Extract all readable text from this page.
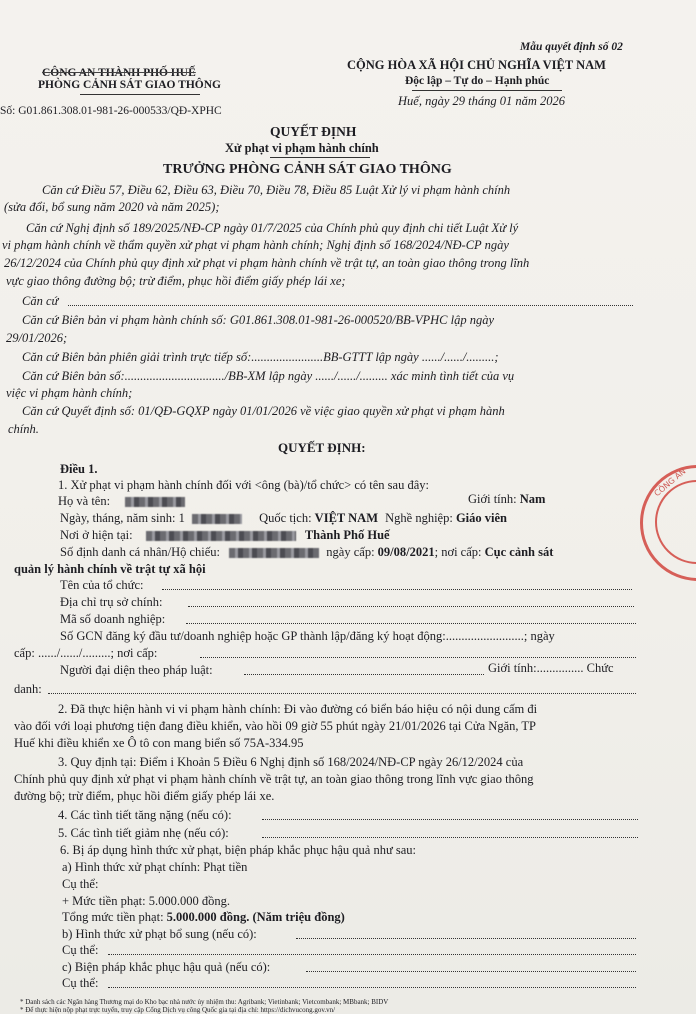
Mẫu quyết định số 02
CÔNG AN THÀNH PHỐ HUẾ
PHÒNG CẢNH SÁT GIAO THÔNG
Số: G01.861.308.01-981-26-000533/QĐ-XPHC
CỘNG HÒA XÃ HỘI CHỦ NGHĨA VIỆT NAM
Độc lập – Tự do – Hạnh phúc
Huế, ngày 29 tháng 01 năm 2026
QUYẾT ĐỊNH
Xử phạt vi phạm hành chính
TRƯỞNG PHÒNG CẢNH SÁT GIAO THÔNG
Căn cứ Điều 57, Điều 62, Điều 63, Điều 70, Điều 78, Điều 85 Luật Xử lý vi phạm hành chính
(sửa đổi, bổ sung năm 2020 và năm 2025);
Căn cứ Nghị định số 189/2025/NĐ-CP ngày 01/7/2025 của Chính phủ quy định chi tiết Luật Xử lý
vi phạm hành chính về thẩm quyền xử phạt vi phạm hành chính; Nghị định số 168/2024/NĐ-CP ngày
26/12/2024 của Chính phủ quy định xử phạt vi phạm hành chính về trật tự, an toàn giao thông trong lĩnh
vực giao thông đường bộ; trừ điểm, phục hồi điểm giấy phép lái xe;
Căn cứ
Căn cứ Biên bản vi phạm hành chính số: G01.861.308.01-981-26-000520/BB-VPHC lập ngày
29/01/2026;
Căn cứ Biên bản phiên giải trình trực tiếp số:.......................BB-GTTT lập ngày ....../....../.........;
Căn cứ Biên bản số:................................/BB-XM lập ngày ....../....../......... xác minh tình tiết của vụ
việc vi phạm hành chính;
Căn cứ Quyết định số: 01/QĐ-GQXP ngày 01/01/2026 về việc giao quyền xử phạt vi phạm hành
chính.
QUYẾT ĐỊNH:
Điều 1.
1. Xử phạt vi phạm hành chính đối với <ông (bà)/tổ chức> có tên sau đây:
Họ và tên:	Giới tính: Nam
Ngày, tháng, năm sinh: 1	Quốc tịch: VIỆT NAM Nghề nghiệp: Giáo viên
Nơi ở hiện tại:	Thành Phố Huế
Số định danh cá nhân/Hộ chiếu:	ngày cấp: 09/08/2021; nơi cấp: Cục cảnh sát
quản lý hành chính về trật tự xã hội
Tên của tổ chức:
Địa chỉ trụ sở chính:
Mã số doanh nghiệp:
Số GCN đăng ký đầu tư/doanh nghiệp hoặc GP thành lập/đăng ký hoạt động:.........................; ngày
cấp: ....../....../.........; nơi cấp:
Người đại diện theo pháp luật:	Giới tính:............... Chức
danh:
2. Đã thực hiện hành vi vi phạm hành chính: Đi vào đường có biển báo hiệu có nội dung cấm đi
vào đối với loại phương tiện đang điều khiển, vào hồi 09 giờ 55 phút ngày 21/01/2026 tại Cửa Ngăn, TP
Huế khi điều khiển xe Ô tô con mang biển số 75A-334.95
3. Quy định tại: Điểm i Khoản 5 Điều 6 Nghị định số 168/2024/NĐ-CP ngày 26/12/2024 của
Chính phủ quy định xử phạt vi phạm hành chính về trật tự, an toàn giao thông trong lĩnh vực giao thông
đường bộ; trừ điểm, phục hồi điểm giấy phép lái xe.
4. Các tình tiết tăng nặng (nếu có):
5. Các tình tiết giảm nhẹ (nếu có):
6. Bị áp dụng hình thức xử phạt, biện pháp khắc phục hậu quả như sau:
a) Hình thức xử phạt chính: Phạt tiền
Cụ thể:
+ Mức tiền phạt: 5.000.000 đồng.
Tổng mức tiền phạt: 5.000.000 đồng. (Năm triệu đồng)
b) Hình thức xử phạt bổ sung (nếu có):
Cụ thể:
c) Biện pháp khắc phục hậu quả (nếu có):
Cụ thể:
* Danh sách các Ngân hàng Thương mại do Kho bạc nhà nước ủy nhiệm thu: Agribank; Vietinbank; Vietcombank; MBbank; BIDV
* Để thực hiện nộp phạt trực tuyến, truy cập Cổng Dịch vụ công Quốc gia tại địa chỉ: https://dichvucong.gov.vn/
CÔNG AN
